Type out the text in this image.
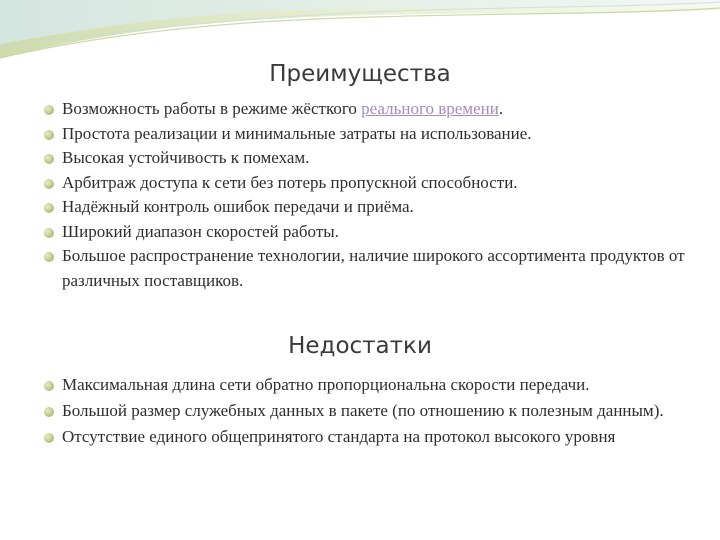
Преимущества
Возможность работы в режиме жёсткого реального времени.
Простота реализации и минимальные затраты на использование.
Высокая устойчивость к помехам.
Арбитраж доступа к сети без потерь пропускной способности.
Надёжный контроль ошибок передачи и приёма.
Широкий диапазон скоростей работы.
Большое распространение технологии, наличие широкого ассортимента продуктов от различных поставщиков.
Недостатки
Максимальная длина сети обратно пропорциональна скорости передачи.
Большой размер служебных данных в пакете (по отношению к полезным данным).
Отсутствие единого общепринятого стандарта на протокол высокого уровня
